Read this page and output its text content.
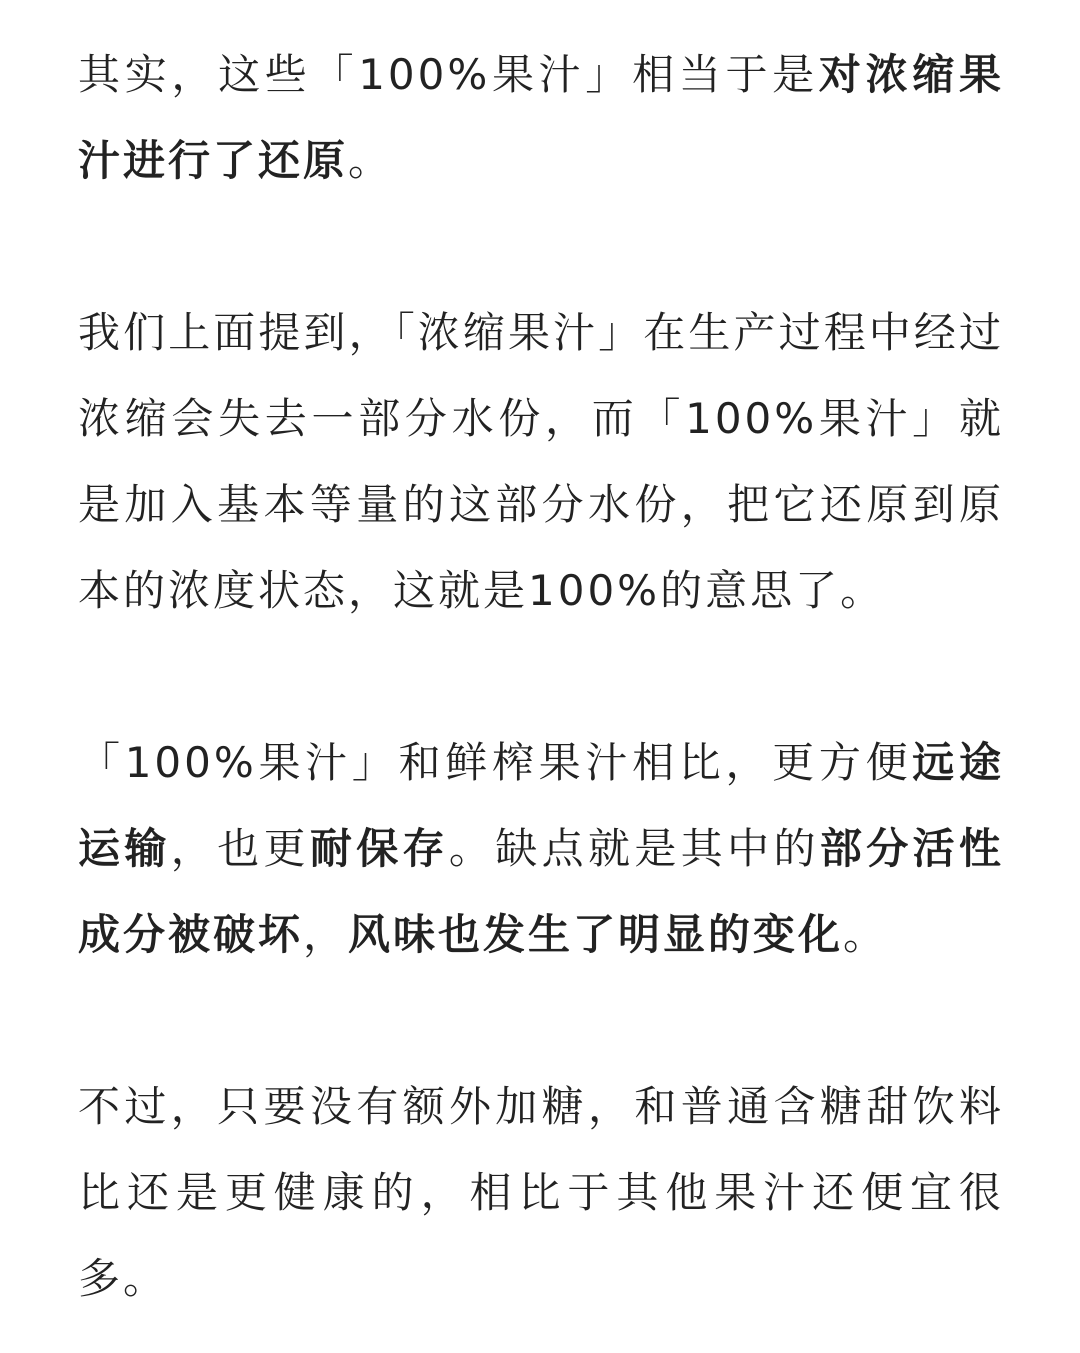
其实，这些「100%果汁」相当于是对浓缩果汁进行了还原。

我们上面提到，「浓缩果汁」在生产过程中经过浓缩会失去一部分水份，而「100%果汁」就是加入基本等量的这部分水份，把它还原到原本的浓度状态，这就是100%的意思了。

「100%果汁」和鲜榨果汁相比，更方便远途运输，也更耐保存。缺点就是其中的部分活性成分被破坏，风味也发生了明显的变化。

不过，只要没有额外加糖，和普通含糖甜饮料比还是更健康的，相比于其他果汁还便宜很多。
